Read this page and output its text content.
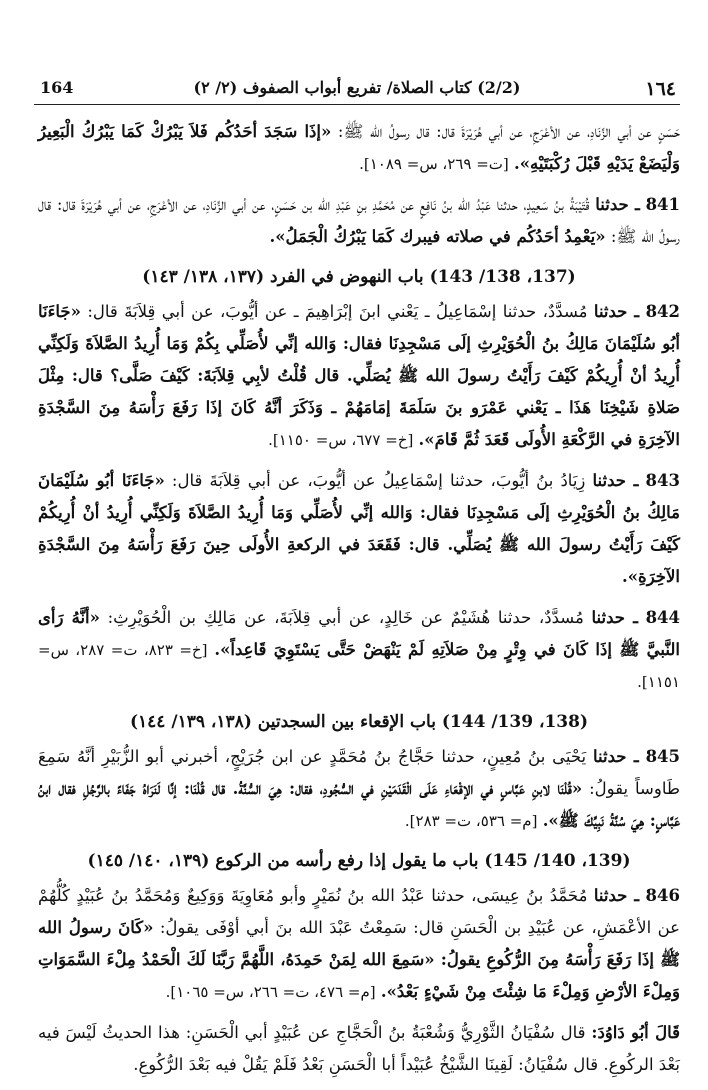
١٦٤
(2/2) كتاب الصلاة/ تفريع أبواب الصفوف (٢/ ٢)
164

حَسَنٍ عن أبي الزِّنَادِ، عن الأعْرَجِ، عن أبي هُرَيْرَةَ قال: قال رسولُ الله ﷺ: «إذَا سَجَدَ أحَدُكُم فَلاَ يَبْرُكْ كَمَا يَبْرُكُ الْبَعِيرُ وَلْيَضَعْ يَدَيْهِ قَبْلَ رُكْبَتَيْهِ». [ت= ٢٦٩، س= ١٠٨٩].

841 ـ حدثنا قُتَيْبَةُ بنُ سَعِيدٍ، حدثنا عَبْدُ الله بنُ نَافِعٍ عن مُحَمَّدِ بنِ عَبْدِ الله بن حَسَنٍ، عن أبي الزِّنَادِ، عن الأعْرَجِ، عن أبي هُرَيْرَةَ قال: قال رسولُ الله ﷺ: «يَعْمِدُ أحَدُكُم في صلاته فيبرك كَمَا يَبْرُكُ الْجَمَلُ».

(137، 138/ 143) باب النهوض في الفرد (١٣٧، ١٣٨/ ١٤٣)

842 ـ حدثنا مُسدَّدٌ، حدثنا إسْمَاعِيلُ ـ يَعْني ابنَ إبْرَاهِيمَ ـ عن أيُّوبَ، عن أبي قِلاَبَةَ قال: «جَاءَنَا أبُو سُلَيْمَانَ مَالِكُ بنُ الْحُوَيْرِثِ إلَى مَسْجِدِنَا فقال: وَالله إنِّي لأُصَلِّي بِكُمْ وَمَا أُرِيدُ الصَّلاَةَ وَلَكِنِّي أُرِيدُ أنْ أُرِيكُمْ كَيْفَ رَأَيْتُ رسولَ الله ﷺ يُصَلِّي. قال قُلْتُ لأبِي قِلاَبَةَ: كَيْفَ صَلَّى؟ قال: مِثْلَ صَلاةِ شَيْخِنَا هَذَا ـ يَعْني عَمْرَو بنَ سَلَمَةَ إمَامَهُمْ ـ وَذَكَرَ أنَّهُ كَانَ إذَا رَفَعَ رَأْسَهُ مِنَ السَّجْدَةِ الآخِرَةِ في الرَّكْعَةِ الأُولَى قَعَدَ ثُمَّ قَامَ». [خ= ٦٧٧، س= ١١٥٠].

843 ـ حدثنا زِيَادُ بنُ أيُّوبَ، حدثنا إسْمَاعِيلُ عن أيُّوبَ، عن أبي قِلاَبَةَ قال: «جَاءَنَا أبُو سُلَيْمَانَ مَالِكُ بنُ الْحُوَيْرِثِ إلَى مَسْجِدِنَا فقال: وَالله إنِّي لأُصَلِّي وَمَا أُرِيدُ الصَّلاَةَ وَلَكِنِّي أُرِيدُ أنْ أُرِيكُمْ كَيْفَ رَأَيْتُ رسولَ الله ﷺ يُصَلِّي. قال: فَقَعَدَ في الركعةِ الأُولَى حِينَ رَفَعَ رَأْسَهُ مِنَ السَّجْدَةِ الآخِرَةِ».

844 ـ حدثنا مُسدَّدٌ، حدثنا هُشَيْمٌ عن خَالِدٍ، عن أبي قِلاَبَةَ، عن مَالِكِ بن الْحُوَيْرِثِ: «أنَّهُ رَأى النَّبيَّ ﷺ إذَا كَانَ في وِتْرٍ مِنْ صَلاَتِهِ لَمْ يَنْهَضْ حَتَّى يَسْتَوِيَ قَاعِداً». [خ= ٨٢٣، ت= ٢٨٧، س= ١١٥١].

(138، 139/ 144) باب الإقعاء بين السجدتين (١٣٨، ١٣٩/ ١٤٤)

845 ـ حدثنا يَحْيَى بنُ مُعِينٍ، حدثنا حَجَّاجُ بنُ مُحَمَّدٍ عن ابن جُرَيْجٍ، أخبرني أبو الزُّبَيْرِ أنَّهُ سَمِعَ طَاوساً يقولُ: «قُلْنَا لابنِ عَبَّاسٍ في الإقْعَاءِ عَلَى الْقَدَمَيْنِ في السُّجُودِ، فقال: هِيَ السُّنَّةُ. قال قُلْنَا: إنَّا لَنَرَاهُ جَفَاءً بالرَّجُلِ فقال ابنُ عَبَّاسٍ: هِيَ سُنَّةُ نَبِيِّكَ ﷺ». [م= ٥٣٦، ت= ٢٨٣].

(139، 140/ 145) باب ما يقول إذا رفع رأسه من الركوع (١٣٩، ١٤٠/ ١٤٥)

846 ـ حدثنا مُحَمَّدُ بنُ عِيسَى، حدثنا عَبْدُ الله بنُ نُمَيْرٍ وأبو مُعَاوِيَةَ وَوَكِيعٌ وَمُحَمَّدُ بنُ عُبَيْدٍ كُلُّهُمْ عن الأعْمَشِ، عن عُبَيْدِ بن الْحَسَنِ قال: سَمِعْتُ عَبْدَ الله بنَ أبي أوْفَى يقولُ: «كَانَ رسولُ الله ﷺ إذَا رَفَعَ رَأْسَهُ مِنَ الرُّكُوعِ يقولُ: «سَمِعَ الله لِمَنْ حَمِدَهُ، اللَّهُمَّ رَبَّنَا لَكَ الْحَمْدُ مِلْءَ السَّمَوَاتِ وَمِلْءَ الأرْضِ وَمِلْءَ مَا شِئْتَ مِنْ شَيْءٍ بَعْدُ». [م= ٤٧٦، ت= ٢٦٦، س= ١٠٦٥].

قَالَ أبُو دَاوُدَ: قال سُفْيَانُ الثَّوْرِيُّ وَشُعْبَةُ بنُ الْحَجَّاجِ عن عُبَيْدٍ أبي الْحَسَنِ: هذا الحديثُ لَيْسَ فيه بَعْدَ الركُوعِ. قال سُفْيَانُ: لَقِينَا الشَّيْخُ عُبَيْداً أبا الْحَسَنِ بَعْدُ فَلَمْ يَقُلْ فيه بَعْدَ الرُّكُوعِ.
